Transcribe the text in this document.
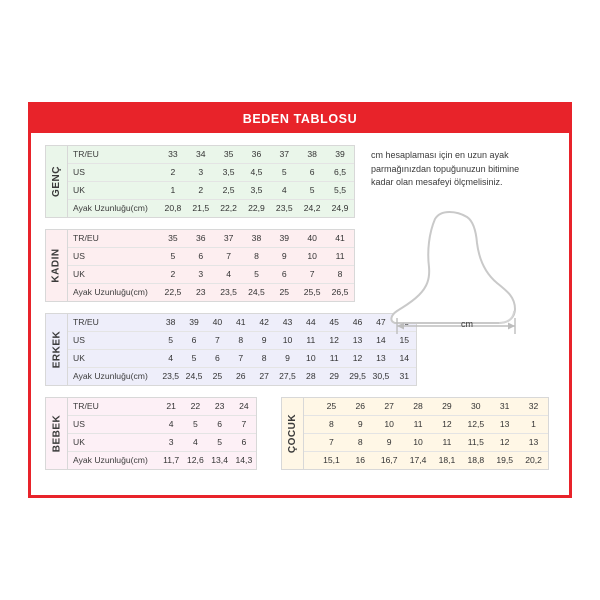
BEDEN TABLOSU
GENÇ
TR/EU	33	34	35	36	37	38	39
US	2	3	3,5	4,5	5	6	6,5
UK	1	2	2,5	3,5	4	5	5,5
Ayak Uzunluğu(cm)	20,8	21,5	22,2	22,9	23,5	24,2	24,9
KADIN
TR/EU	35	36	37	38	39	40	41
US	5	6	7	8	9	10	11
UK	2	3	4	5	6	7	8
Ayak Uzunluğu(cm)	22,5	23	23,5	24,5	25	25,5	26,5
ERKEK
TR/EU	38	39	40	41	42	43	44	45	46	47	
US	5	6	7	8	9	10	11	12	13	14	15
UK	4	5	6	7	8	9	10	11	12	13	14
Ayak Uzunluğu(cm)	23,5	24,5	25	26	27	27,5	28	29	29,5	30,5	31
BEBEK
TR/EU	21	22	23	24
US	4	5	6	7
UK	3	4	5	6
Ayak Uzunluğu(cm)	11,7	12,6	13,4	14,3
ÇOCUK
	25	26	27	28	29	30	31	32
	8	9	10	11	12	12,5	13	1
	7	8	9	10	11	11,5	12	13
	15,1	16	16,7	17,4	18,1	18,8	19,5	20,2
cm hesaplaması için en uzun ayak parmağınızdan topuğunuzun bitimine kadar olan mesafeyi ölçmelisiniz.
cm
